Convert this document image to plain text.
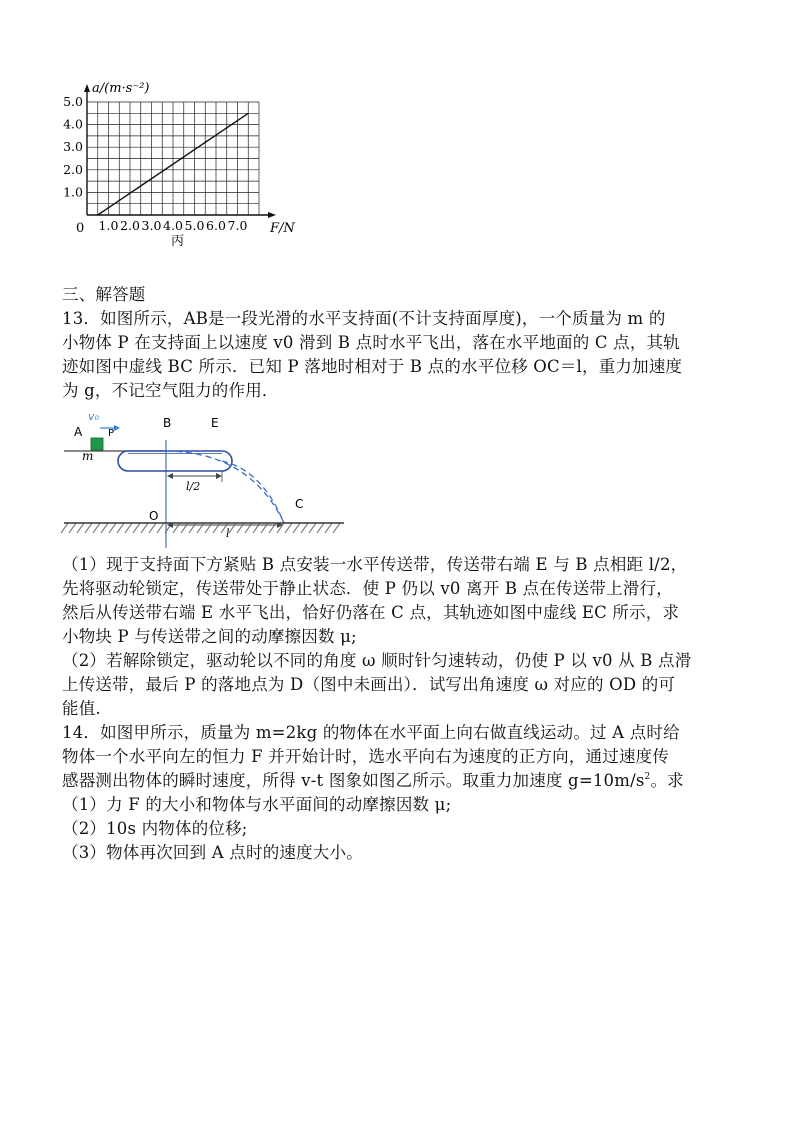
1.0 2.0 3.0 4.0 5.0 6.0 7.0
1.0
2.0
3.0
4.0
5.0
a/(m·s⁻²)
F/N
0
丙
三、解答题
13．如图所示，AB是一段光滑的水平支持面(不计支持面厚度)，一个质量为 m 的
小物体 P 在支持面上以速度 v0 滑到 B 点时水平飞出，落在水平地面的 C 点，其轨
迹如图中虚线 BC 所示．已知 P 落地时相对于 B 点的水平位移 OC＝l，重力加速度
为 g，不记空气阻力的作用．
v₀
A	P
m
B	E
l/2
O
C
l
（1）现于支持面下方紧贴 B 点安装一水平传送带，传送带右端 E 与 B 点相距 l/2，
先将驱动轮锁定，传送带处于静止状态．使 P 仍以 v0 离开 B 点在传送带上滑行，
然后从传送带右端 E 水平飞出，恰好仍落在 C 点，其轨迹如图中虚线 EC 所示，求
小物块 P 与传送带之间的动摩擦因数 μ;
（2）若解除锁定，驱动轮以不同的角度 ω 顺时针匀速转动，仍使 P 以 v0 从 B 点滑
上传送带，最后 P 的落地点为 D（图中未画出）．试写出角速度 ω 对应的 OD 的可
能值.
14．如图甲所示，质量为 m=2kg 的物体在水平面上向右做直线运动。过 A 点时给
物体一个水平向左的恒力 F 并开始计时，选水平向右为速度的正方向，通过速度传
感器测出物体的瞬时速度，所得 v-t 图象如图乙所示。取重力加速度 $g=10m/s^2$。求
（1）力 F 的大小和物体与水平面间的动摩擦因数 μ;
（2）10s 内物体的位移;
（3）物体再次回到 A 点时的速度大小。
